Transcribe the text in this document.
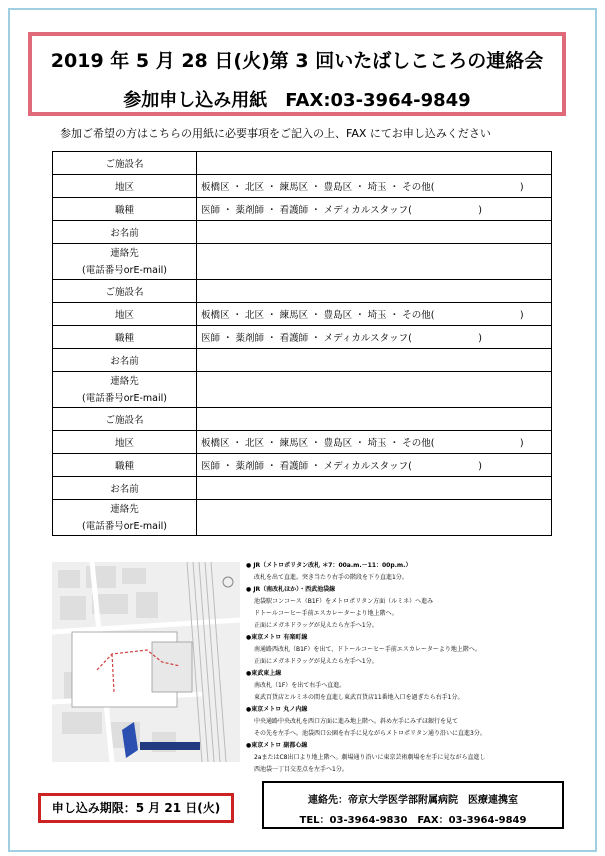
2019 年 5 月 28 日(火)第 3 回いたばしこころの連絡会
参加申し込み用紙　FAX:03-3964-9849
参加ご希望の方はこちらの用紙に必要事項をご記入の上、FAX にてお申し込みください
ご施設名	
地区	板橋区 ・ 北区 ・ 練馬区 ・ 豊島区 ・ 埼玉 ・ その他(　　　　　　　　　)
職種	医師 ・ 薬剤師 ・ 看護師 ・ メディカルスタッフ(　　　　　　　)
お名前	

連絡先
(電話番号orE-mail)	

ご施設名	
地区	板橋区 ・ 北区 ・ 練馬区 ・ 豊島区 ・ 埼玉 ・ その他(　　　　　　　　　)
職種	医師 ・ 薬剤師 ・ 看護師 ・ メディカルスタッフ(　　　　　　　)
お名前	

連絡先
(電話番号orE-mail)	

ご施設名	
地区	板橋区 ・ 北区 ・ 練馬区 ・ 豊島区 ・ 埼玉 ・ その他(　　　　　　　　　)
職種	医師 ・ 薬剤師 ・ 看護師 ・ メディカルスタッフ(　　　　　　　)
お名前	

連絡先
(電話番号orE-mail)	

● JR（メトロポリタン改札 ＊7：00a.m.－11：00p.m.）
改札を出て直進。突き当たり右手の階段を下り直進1分。
● JR（南改札ほか）・西武池袋線
池袋駅コンコース（B1F）をメトロポリタン方面（ルミネ）へ進み
ドトールコーヒー手前エスカレーターより地上階へ。
正面にメガネドラッグが見えたら左手へ1分。
●東京メトロ 有楽町線
南通路西改札（B1F）を出て、ドトールコーヒー手前エスカレーターより地上階へ。
正面にメガネドラッグが見えたら左手へ1分。
●東武東上線
南改札（1F）を出て右手へ直進。
東武百貨店とルミネの間を直進し東武百貨店11番地入口を過ぎたら右手1分。
●東京メトロ 丸ノ内線
中央通路中央改札を西口方面に進み地上階へ。斜め左手にみずほ銀行を見て
その先を左手へ。池袋西口公園を右手に見ながらメトロポリタン通り沿いに直進3分。
●東京メトロ 副都心線
2aまたはC8出口より地上階へ。劇場通り沿いに東京芸術劇場を左手に見ながら直進し
西池袋一丁目交差点を左手へ1分。
申し込み期限：5 月 21 日(火)
連絡先：帝京大学医学部附属病院　医療連携室
TEL：03-3964-9830　FAX：03-3964-9849
